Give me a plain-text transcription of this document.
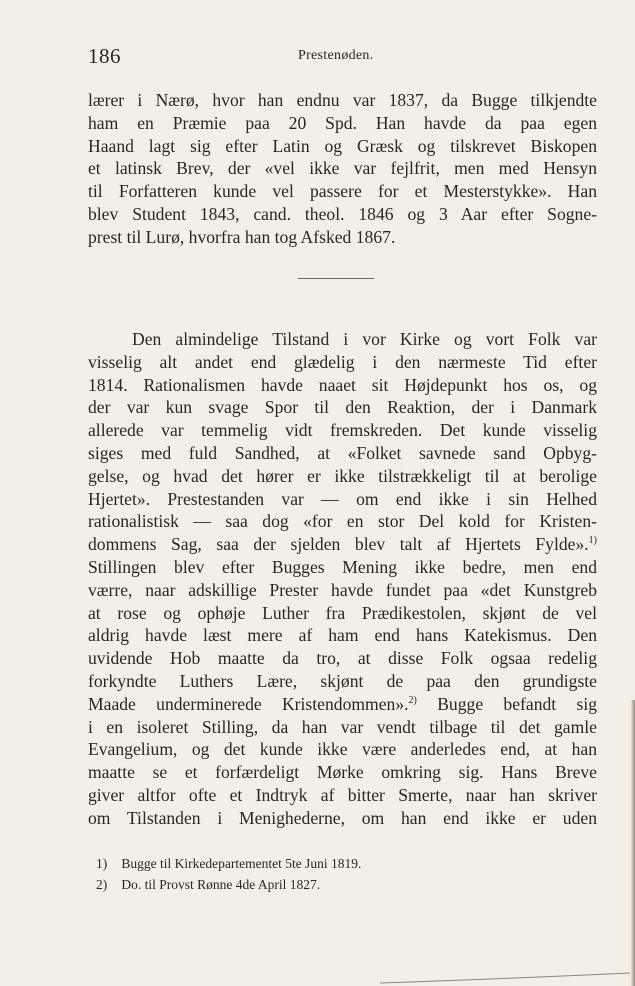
186	Prestenøden.
lærer i Nærø, hvor han endnu var 1837, da Bugge tilkjendte
ham en Præmie paa 20 Spd. Han havde da paa egen
Haand lagt sig efter Latin og Græsk og tilskrevet Biskopen
et latinsk Brev, der «vel ikke var fejlfrit, men med Hensyn
til Forfatteren kunde vel passere for et Mesterstykke». Han
blev Student 1843, cand. theol. 1846 og 3 Aar efter Sogne-
prest til Lurø, hvorfra han tog Afsked 1867.
Den almindelige Tilstand i vor Kirke og vort Folk var
visselig alt andet end glædelig i den nærmeste Tid efter
1814. Rationalismen havde naaet sit Højdepunkt hos os, og
der var kun svage Spor til den Reaktion, der i Danmark
allerede var temmelig vidt fremskreden. Det kunde visselig
siges med fuld Sandhed, at «Folket savnede sand Opbyg-
gelse, og hvad det hører er ikke tilstrækkeligt til at berolige
Hjertet». Prestestanden var — om end ikke i sin Helhed
rationalistisk — saa dog «for en stor Del kold for Kristen-
dommens Sag, saa der sjelden blev talt af Hjertets Fylde».$^{1)}$
Stillingen blev efter Bugges Mening ikke bedre, men end
værre, naar adskillige Prester havde fundet paa «det Kunstgreb
at rose og ophøje Luther fra Prædikestolen, skjønt de vel
aldrig havde læst mere af ham end hans Katekismus. Den
uvidende Hob maatte da tro, at disse Folk ogsaa redelig
forkyndte Luthers Lære, skjønt de paa den grundigste
Maade underminerede Kristendommen».$^{2)}$ Bugge befandt sig
i en isoleret Stilling, da han var vendt tilbage til det gamle
Evangelium, og det kunde ikke være anderledes end, at han
maatte se et forfærdeligt Mørke omkring sig. Hans Breve
giver altfor ofte et Indtryk af bitter Smerte, naar han skriver
om Tilstanden i Menighederne, om han end ikke er uden
1) Bugge til Kirkedepartementet 5te Juni 1819.
2) Do. til Provst Rønne 4de April 1827.
